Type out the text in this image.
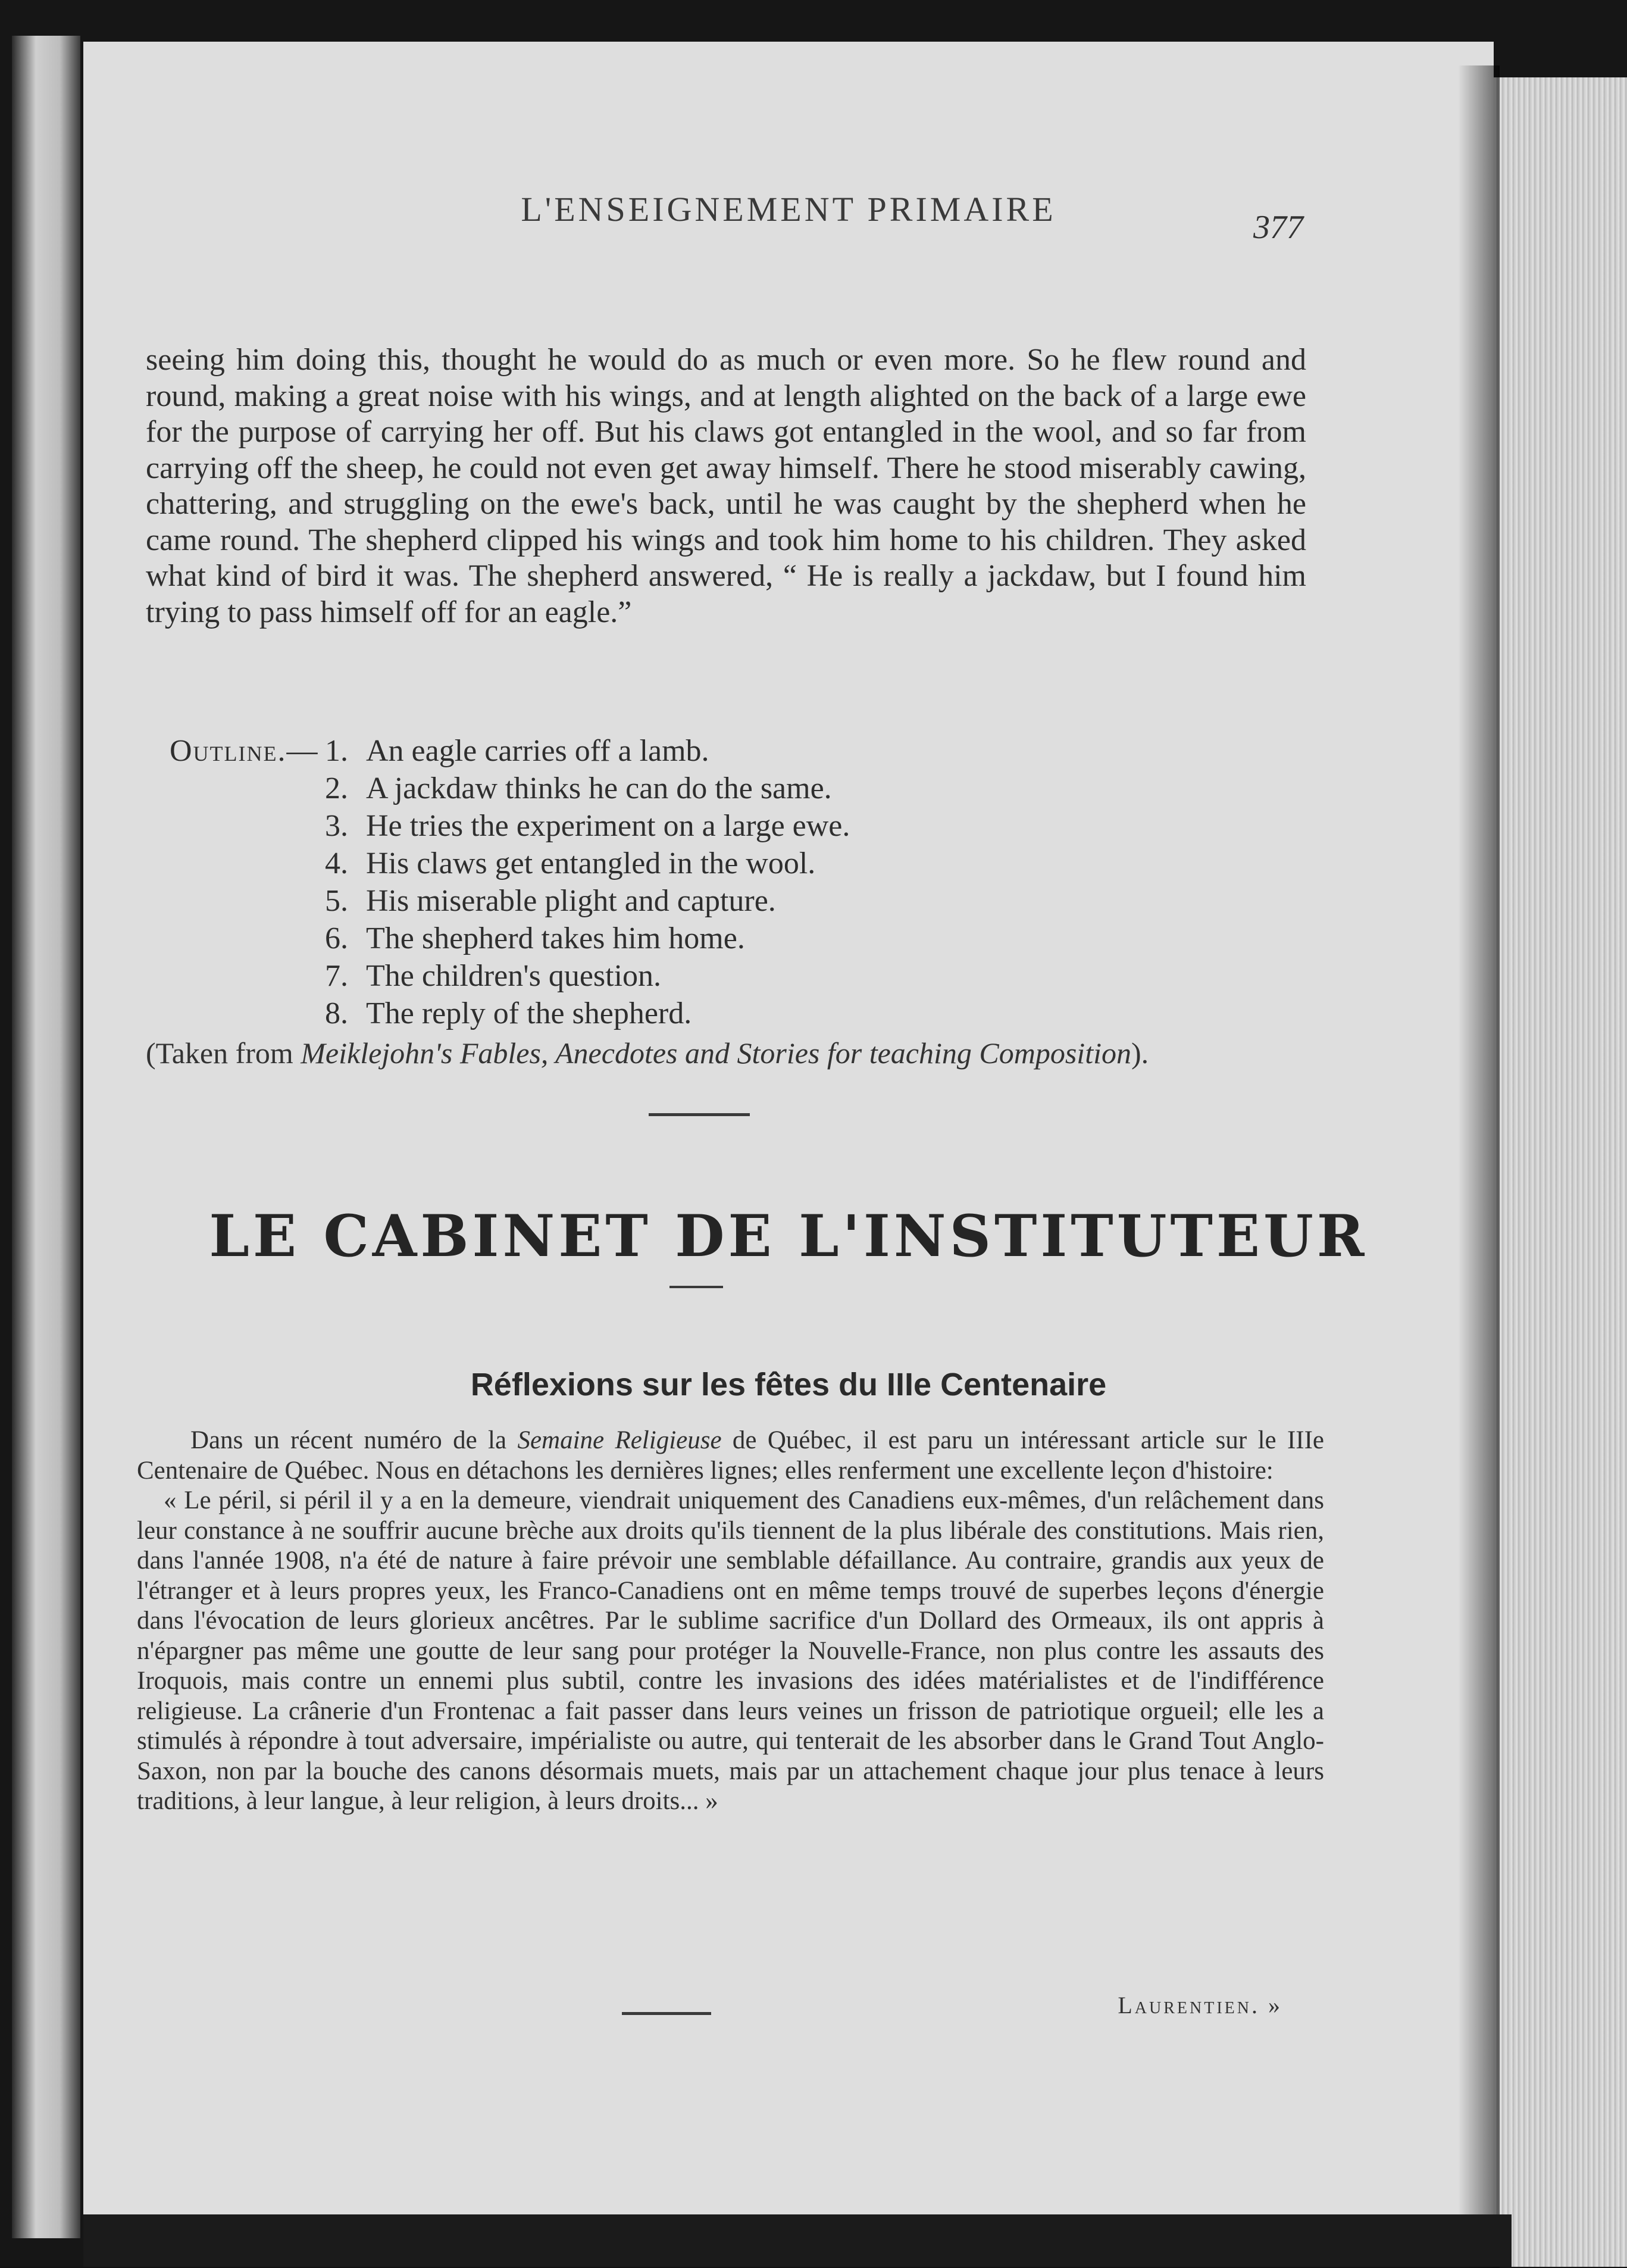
L'ENSEIGNEMENT PRIMAIRE	377

seeing him doing this, thought he would do as much or even more. So he flew round and round, making a great noise with his wings, and at length alighted on the back of a large ewe for the purpose of carrying her off. But his claws got entangled in the wool, and so far from carrying off the sheep, he could not even get away himself. There he stood miserably cawing, chattering, and struggling on the ewe's back, until he was caught by the shepherd when he came round. The shepherd clipped his wings and took him home to his children. They asked what kind of bird it was. The shepherd answered, “ He is really a jackdaw, but I found him trying to pass himself off for an eagle.”

Outline.— 1. An eagle carries off a lamb.
2. A jackdaw thinks he can do the same.
3. He tries the experiment on a large ewe.
4. His claws get entangled in the wool.
5. His miserable plight and capture.
6. The shepherd takes him home.
7. The children's question.
8. The reply of the shepherd.
(Taken from Meiklejohn's Fables, Anecdotes and Stories for teaching Composition).
LE CABINET DE L'INSTITUTEUR
Réflexions sur les fêtes du IIIe Centenaire

Dans un récent numéro de la Semaine Religieuse de Québec, il est paru un intéressant article sur le IIIe Centenaire de Québec. Nous en détachons les dernières lignes; elles renferment une excellente leçon d'histoire:

« Le péril, si péril il y a en la demeure, viendrait uniquement des Canadiens eux-mêmes, d'un relâchement dans leur constance à ne souffrir aucune brèche aux droits qu'ils tiennent de la plus libérale des constitutions. Mais rien, dans l'année 1908, n'a été de nature à faire prévoir une semblable défaillance. Au contraire, grandis aux yeux de l'étranger et à leurs propres yeux, les Franco-Canadiens ont en même temps trouvé de superbes leçons d'énergie dans l'évocation de leurs glorieux ancêtres. Par le sublime sacrifice d'un Dollard des Ormeaux, ils ont appris à n'épargner pas même une goutte de leur sang pour protéger la Nouvelle-France, non plus contre les assauts des Iroquois, mais contre un ennemi plus subtil, contre les invasions des idées matérialistes et de l'indifférence religieuse. La crânerie d'un Frontenac a fait passer dans leurs veines un frisson de patriotique orgueil; elle les a stimulés à répondre à tout adversaire, impérialiste ou autre, qui tenterait de les absorber dans le Grand Tout Anglo-Saxon, non par la bouche des canons désormais muets, mais par un attachement chaque jour plus tenace à leurs traditions, à leur langue, à leur religion, à leurs droits... »

Laurentien. »
